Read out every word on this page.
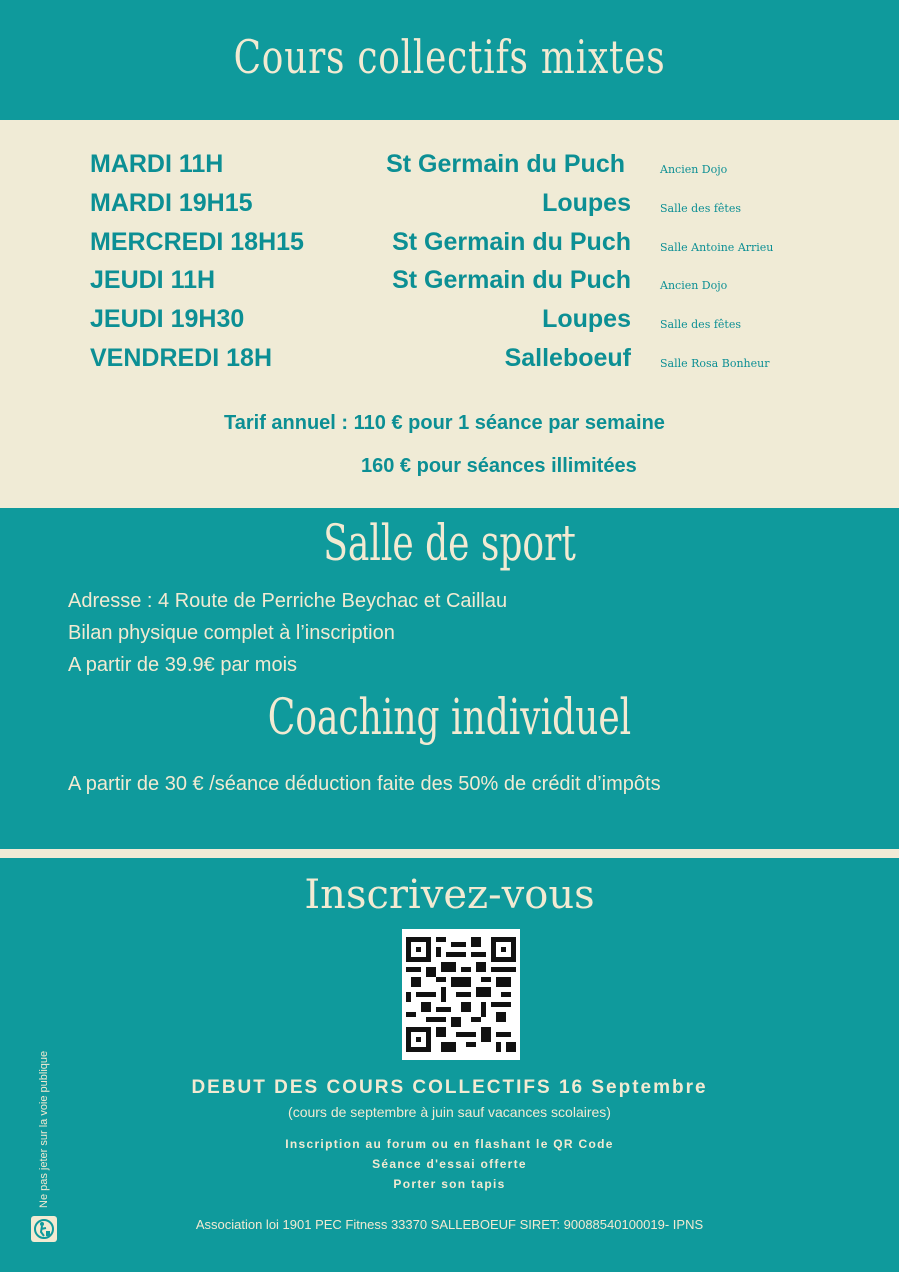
Cours collectifs mixtes
MARDI 11H	St Germain du Puch	Ancien Dojo
MARDI 19H15	Loupes	Salle des fêtes
MERCREDI 18H15	St Germain du Puch	Salle Antoine Arrieu
JEUDI 11H	St Germain du Puch	Ancien Dojo
JEUDI 19H30	Loupes	Salle des fêtes
VENDREDI 18H	Salleboeuf	Salle Rosa Bonheur
Tarif annuel : 110 € pour 1 séance par semaine
160 € pour séances illimitées
Salle de sport
Adresse : 4 Route de Perriche Beychac et Caillau
Bilan physique complet à l’inscription
A partir de 39.9€ par mois
Coaching individuel
A partir de 30 € /séance déduction faite des 50% de crédit d’impôts
Inscrivez-vous
DEBUT DES COURS COLLECTIFS 16 Septembre
(cours de septembre à juin sauf vacances scolaires)
Inscription au forum ou en flashant le QR Code
Séance d'essai offerte
Porter son tapis
Association loi 1901 PEC Fitness 33370 SALLEBOEUF SIRET: 90088540100019- IPNS
Ne pas jeter sur la voie publique
